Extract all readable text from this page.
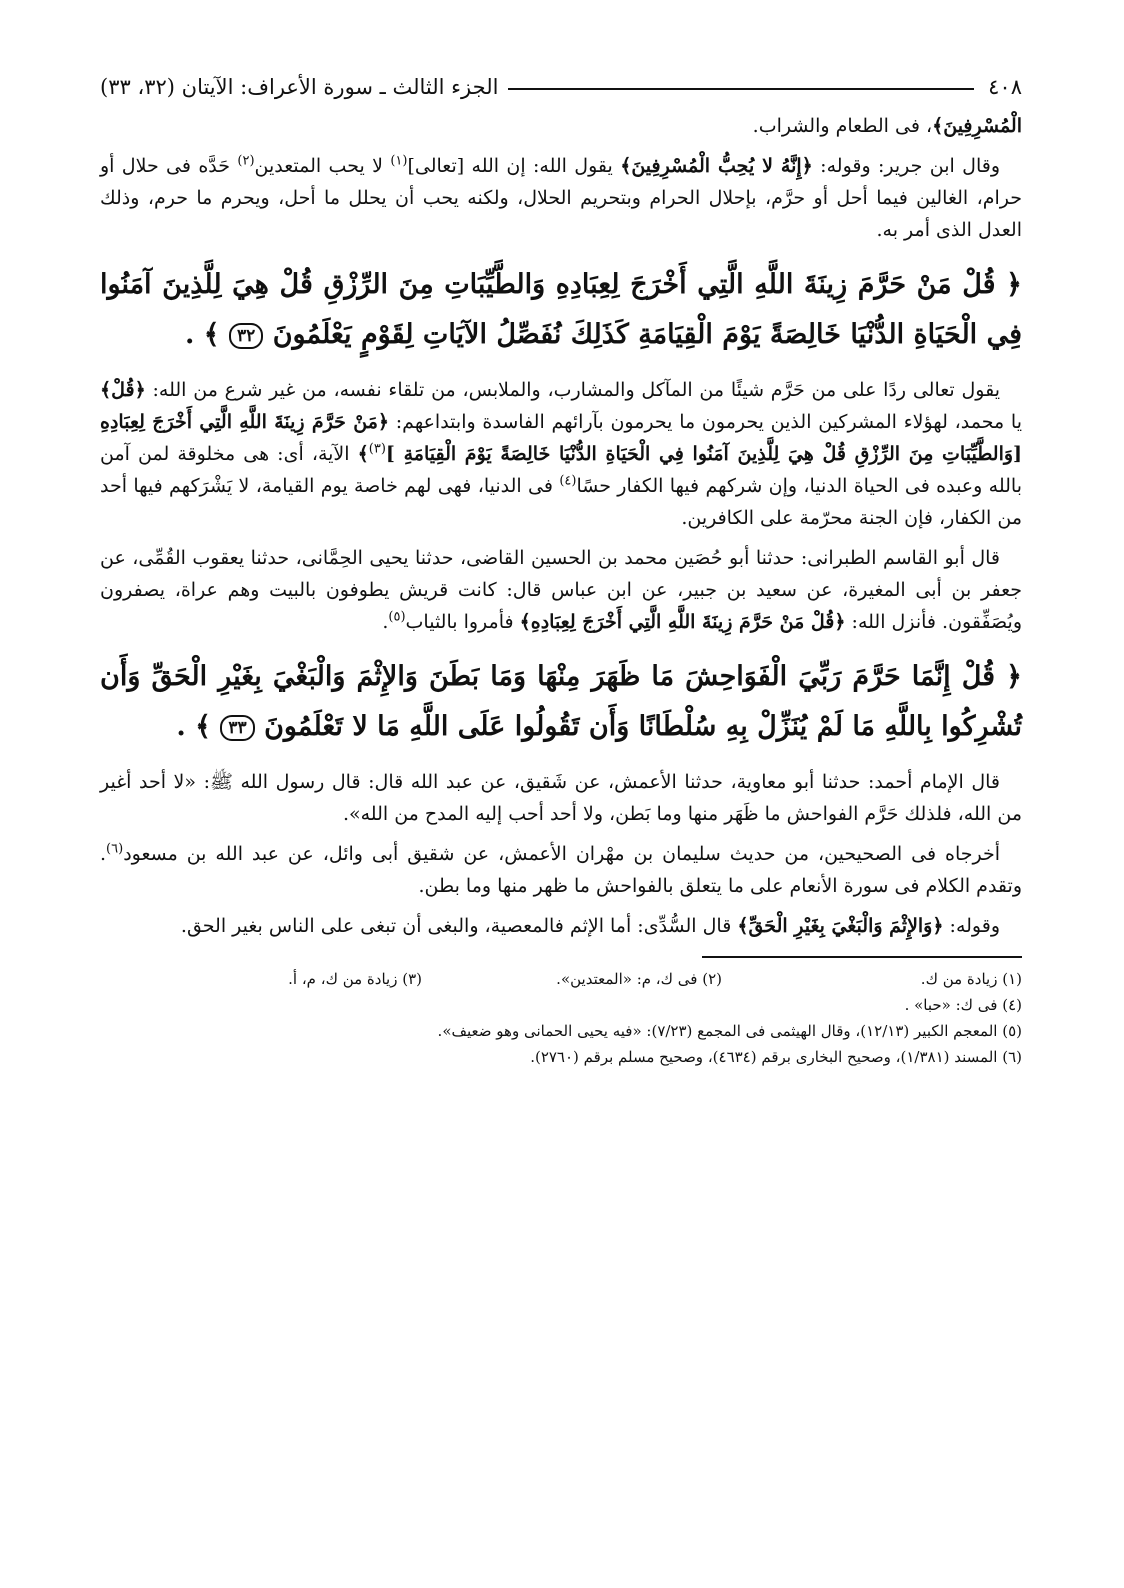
٤٠٨
الجزء الثالث ـ سورة الأعراف: الآيتان (٣٢، ٣٣)

الْمُسْرِفِينَ﴾، فى الطعام والشراب.

وقال ابن جرير: وقوله: ﴿إِنَّهُ لا يُحِبُّ الْمُسْرِفِينَ﴾ يقول الله: إن الله [تعالى]$^{(١)}$ لا يحب المتعدين$^{(٢)}$ حَدَّه فى حلال أو حرام، الغالين فيما أحل أو حرَّم، بإحلال الحرام وبتحريم الحلال، ولكنه يحب أن يحلل ما أحل، ويحرم ما حرم، وذلك العدل الذى أمر به.

﴿ قُلْ مَنْ حَرَّمَ زِينَةَ اللَّهِ الَّتِي أَخْرَجَ لِعِبَادِهِ وَالطَّيِّبَاتِ مِنَ الرِّزْقِ قُلْ هِيَ لِلَّذِينَ آمَنُوا فِي الْحَيَاةِ الدُّنْيَا خَالِصَةً يَوْمَ الْقِيَامَةِ كَذَلِكَ نُفَصِّلُ الآيَاتِ لِقَوْمٍ يَعْلَمُونَ ٣٢ ﴾ .

يقول تعالى ردًا على من حَرَّم شيئًا من المآكل والمشارب، والملابس، من تلقاء نفسه، من غير شرع من الله: ﴿قُلْ﴾ يا محمد، لهؤلاء المشركين الذين يحرمون ما يحرمون بآرائهم الفاسدة وابتداعهم: ﴿مَنْ حَرَّمَ زِينَةَ اللَّهِ الَّتِي أَخْرَجَ لِعِبَادِهِ [وَالطَّيِّبَاتِ مِنَ الرِّزْقِ قُلْ هِيَ لِلَّذِينَ آمَنُوا فِي الْحَيَاةِ الدُّنْيَا خَالِصَةً يَوْمَ الْقِيَامَةِ ]$^{(٣)}$﴾ الآية، أى: هى مخلوقة لمن آمن بالله وعبده فى الحياة الدنيا، وإن شركهم فيها الكفار حسًا$^{(٤)}$ فى الدنيا، فهى لهم خاصة يوم القيامة، لا يَشْرَكهم فيها أحد من الكفار، فإن الجنة محرّمة على الكافرين.

قال أبو القاسم الطبرانى: حدثنا أبو حُصَين محمد بن الحسين القاضى، حدثنا يحيى الحِمَّانى، حدثنا يعقوب القُمِّى، عن جعفر بن أبى المغيرة، عن سعيد بن جبير، عن ابن عباس قال: كانت قريش يطوفون بالبيت وهم عراة، يصفرون ويُصَفِّقون. فأنزل الله: ﴿قُلْ مَنْ حَرَّمَ زِينَةَ اللَّهِ الَّتِي أَخْرَجَ لِعِبَادِهِ﴾ فأمروا بالثياب$^{(٥)}$.

﴿ قُلْ إِنَّمَا حَرَّمَ رَبِّيَ الْفَوَاحِشَ مَا ظَهَرَ مِنْهَا وَمَا بَطَنَ وَالإِثْمَ وَالْبَغْيَ بِغَيْرِ الْحَقِّ وَأَن تُشْرِكُوا بِاللَّهِ مَا لَمْ يُنَزِّلْ بِهِ سُلْطَانًا وَأَن تَقُولُوا عَلَى اللَّهِ مَا لا تَعْلَمُونَ ٣٣ ﴾ .

قال الإمام أحمد: حدثنا أبو معاوية، حدثنا الأعمش، عن شَقيق، عن عبد الله قال: قال رسول الله ﷺ: «لا أحد أغير من الله، فلذلك حَرَّم الفواحش ما ظَهَر منها وما بَطن، ولا أحد أحب إليه المدح من الله».

أخرجاه فى الصحيحين، من حديث سليمان بن مهْران الأعمش، عن شقيق أبى وائل، عن عبد الله بن مسعود$^{(٦)}$. وتقدم الكلام فى سورة الأنعام على ما يتعلق بالفواحش ما ظهر منها وما بطن.

وقوله: ﴿وَالإِثْمَ وَالْبَغْيَ بِغَيْرِ الْحَقِّ﴾ قال السُّدِّى: أما الإثم فالمعصية، والبغى أن تبغى على الناس بغير الحق.

(١) زيادة من ك.
(٢) فى ك، م: «المعتدين».
(٣) زيادة من ك، م، أ.
(٤) فى ك: «حبا» .
(٥) المعجم الكبير (١٢/١٣)، وقال الهيثمى فى المجمع (٧/٢٣): «فيه يحيى الحمانى وهو ضعيف».
(٦) المسند (١/٣٨١)، وصحيح البخارى برقم (٤٦٣٤)، وصحيح مسلم برقم (٢٧٦٠).
